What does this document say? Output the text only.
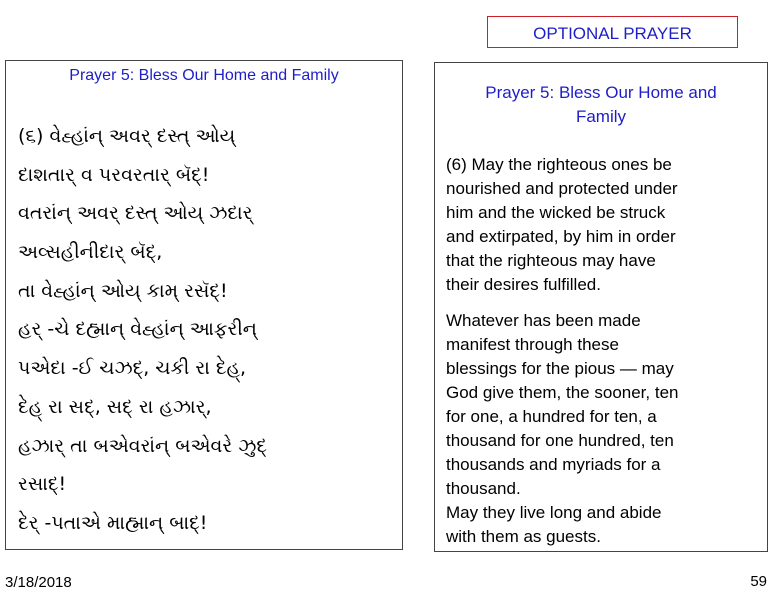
OPTIONAL PRAYER
Prayer 5: Bless Our Home and Family
(૬) વેહ્હાંન્ અવર્ દસ્ત્ ઓય્
દાશતાર્ વ પરવરતાર્ બૅદ્!
વતરાંન્ અવર્ દસ્ત્ ઓય્ ઝદાર્
અવ્સહીનીદાર્ બૅદ્,
તા વેહ્હાંન્ ઓય્ કામ્ રસૅદ્!
હર્ -ચે દહ્માન્ વેહ્હાંન્ આફરીન્
પએદા -ઈ ચઝદ્, ચકી રા દેહ્,
દેહ્ રા સદ્, સદ્ રા હઝાર્,
હઝાર્ તા બએવરાંન્ બએવરે ઝુદ્
રસાદ્!
દેર્ -પતાએ માહ્માન્ બાદ્!
Prayer 5: Bless Our Home and
Family

(6) May the righteous ones be

nourished and protected under

him and the wicked be struck

and extirpated, by him in order

that the righteous may have

their desires fulfilled.

Whatever has been made

manifest through these

blessings for the pious — may

God give them, the sooner, ten

for one, a hundred for ten, a

thousand for one hundred, ten

thousands and myriads for a

thousand.

May they live long and abide

with them as guests.

3/18/2018	59
